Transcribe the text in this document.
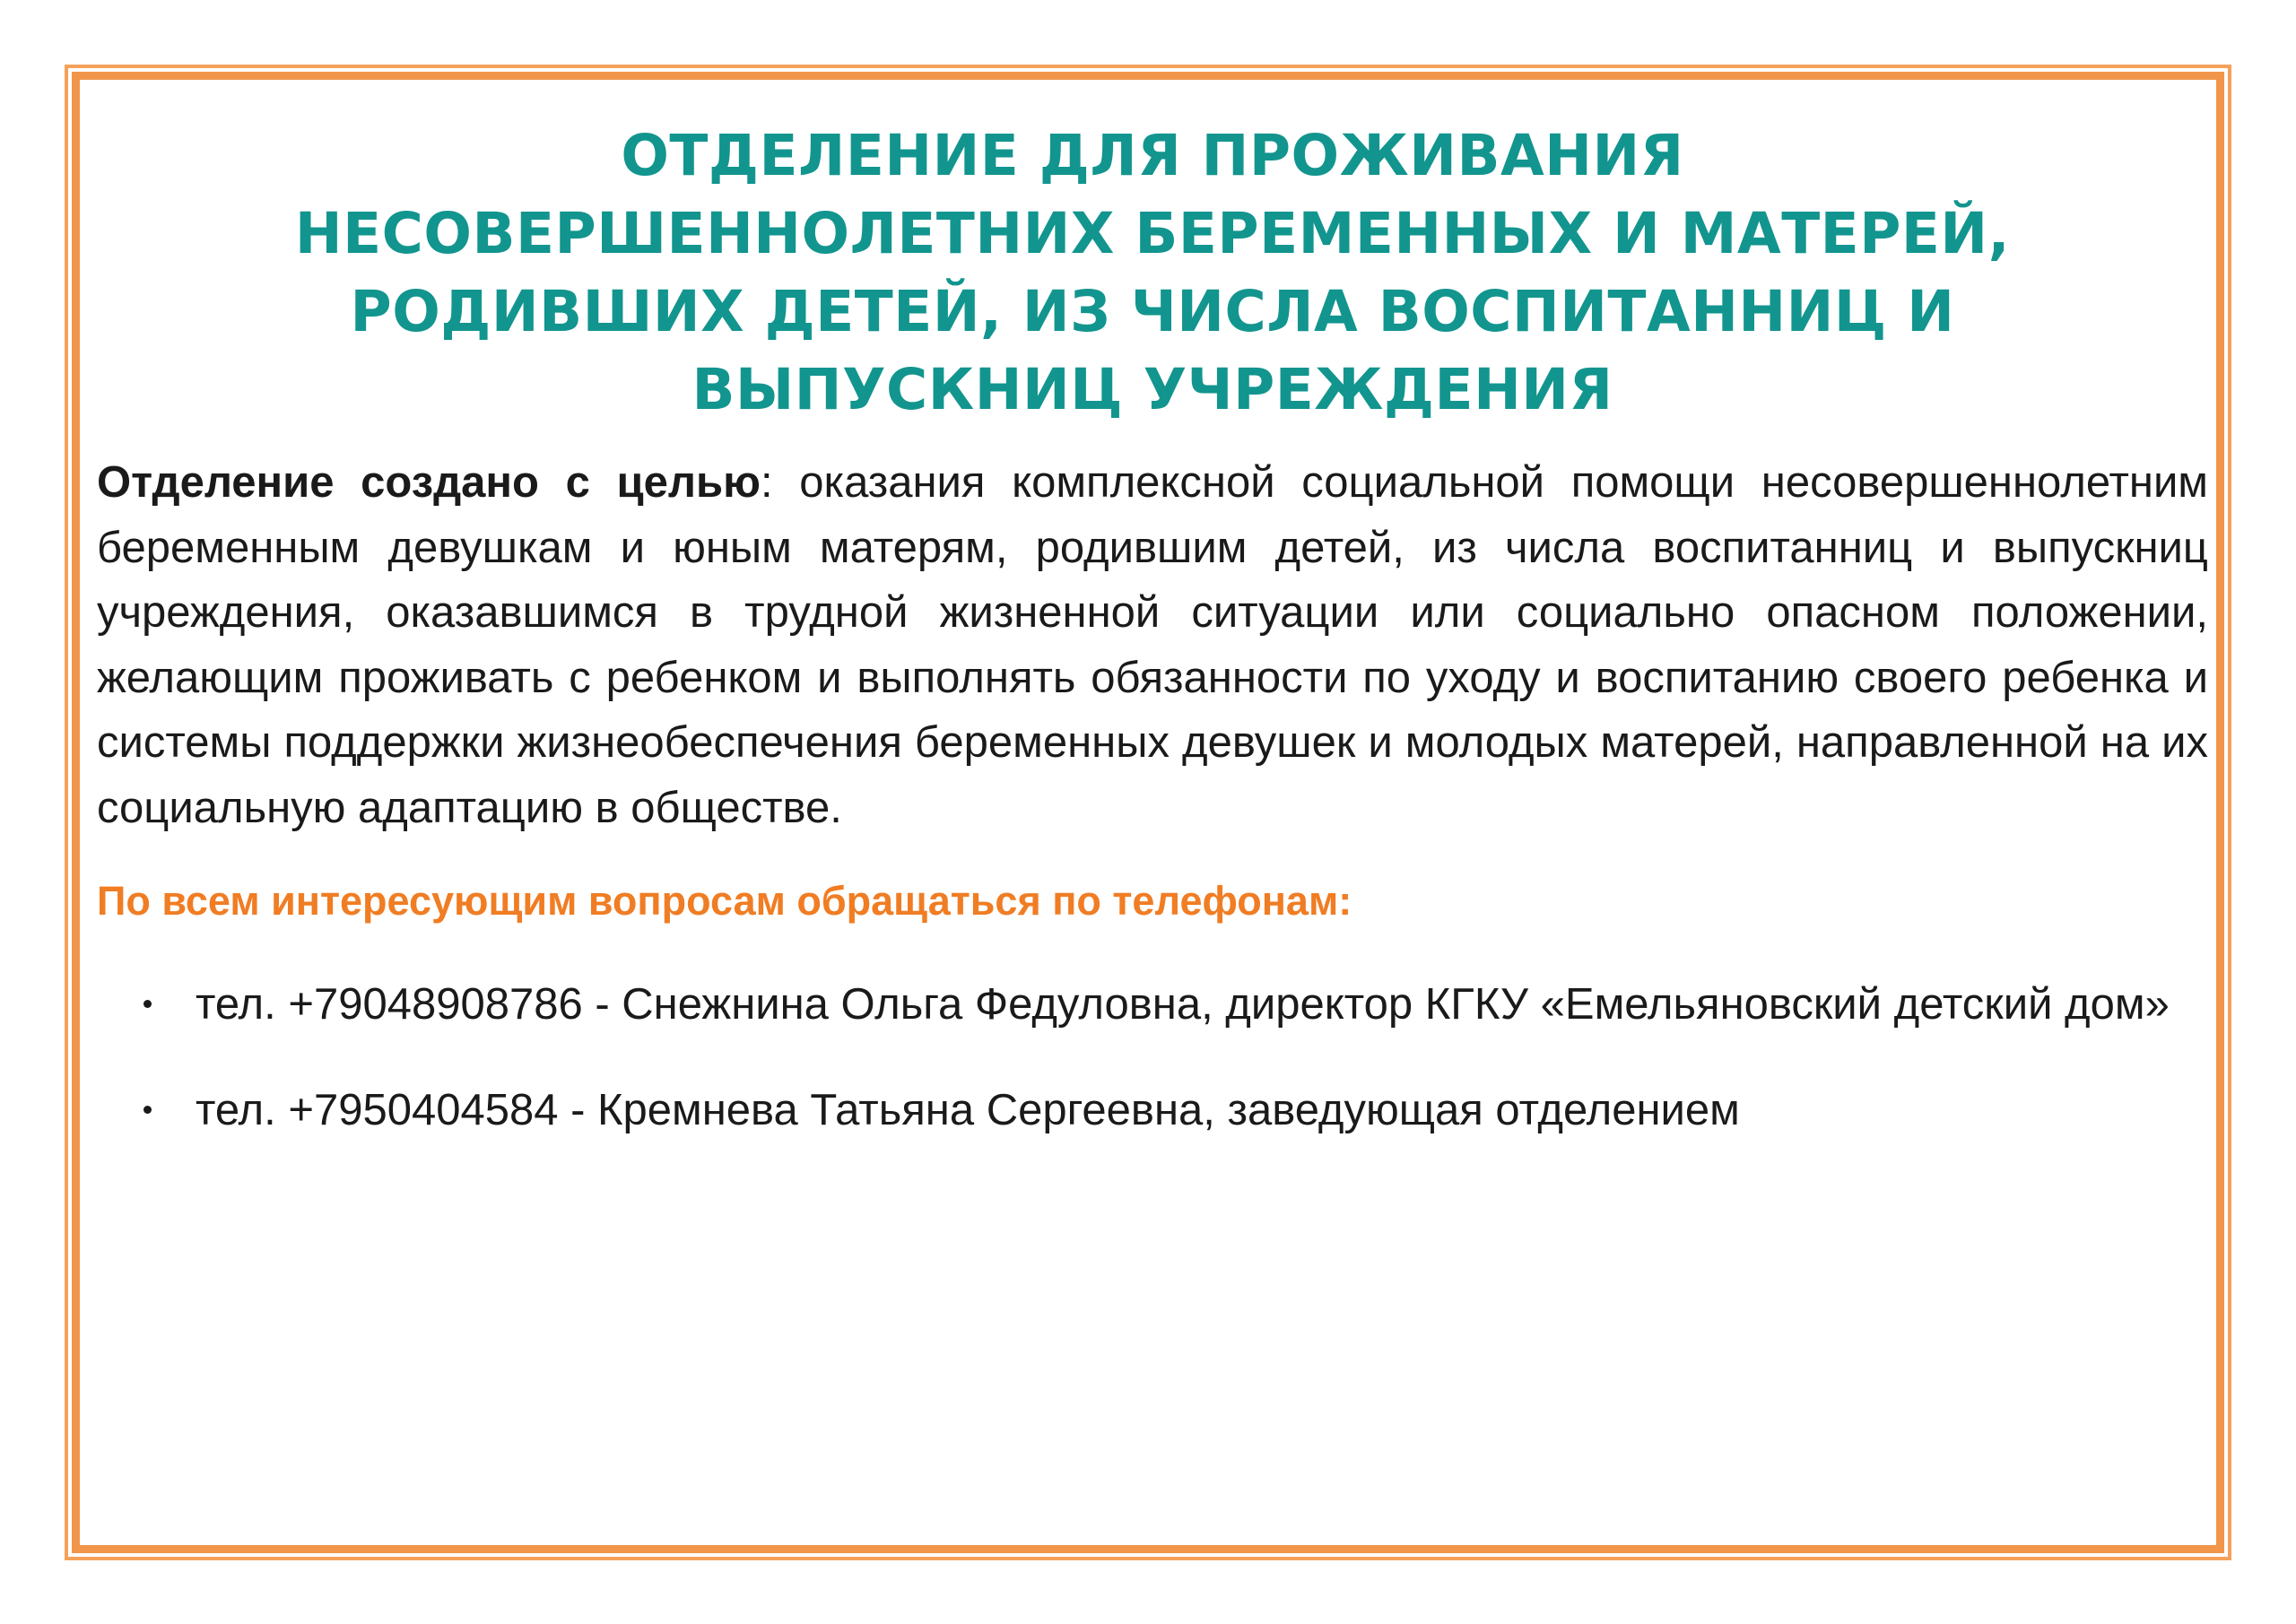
ОТДЕЛЕНИЕ ДЛЯ ПРОЖИВАНИЯ
НЕСОВЕРШЕННОЛЕТНИХ БЕРЕМЕННЫХ И МАТЕРЕЙ,
РОДИВШИХ ДЕТЕЙ, ИЗ ЧИСЛА ВОСПИТАННИЦ И
ВЫПУСКНИЦ УЧРЕЖДЕНИЯ

Отделение создано с целью: оказания комплексной социальной помощи несовершеннолетним беременным девушкам и юным матерям, родившим детей, из числа воспитанниц и выпускниц учреждения, оказавшимся в трудной жизненной ситуации или социально опасном положении, желающим проживать с ребенком и выполнять обязанности по уходу и воспитанию своего ребенка и системы поддержки жизнеобеспечения беременных девушек и молодых матерей, направленной на их социальную адаптацию в обществе.

По всем интересующим вопросам обращаться по телефонам:

тел. +79048908786 - Снежнина Ольга Федуловна, директор КГКУ «Емельяновский детский дом»
тел. +7950404584 - Кремнева Татьяна Сергеевна, заведующая отделением
